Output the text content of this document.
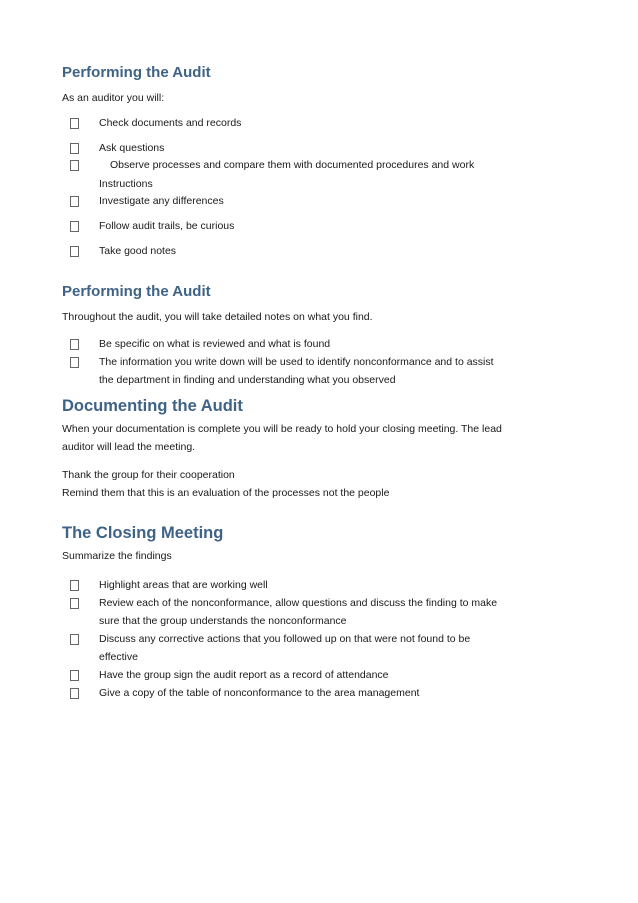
Performing the Audit
As an auditor you will:
Check documents and records
Ask questions
Observe processes and compare them with documented procedures and work
Instructions
Investigate any differences
Follow audit trails, be curious
Take good notes
Performing the Audit
Throughout the audit, you will take detailed notes on what you find.
Be specific on what is reviewed and what is found
The information you write down will be used to identify nonconformance and to assist
the department in finding and understanding what you observed
Documenting the Audit
When your documentation is complete you will be ready to hold your closing meeting. The lead
auditor will lead the meeting.
Thank the group for their cooperation
Remind them that this is an evaluation of the processes not the people
The Closing Meeting
Summarize the findings
Highlight areas that are working well
Review each of the nonconformance, allow questions and discuss the finding to make
sure that the group understands the nonconformance
Discuss any corrective actions that you followed up on that were not found to be
effective
Have the group sign the audit report as a record of attendance
Give a copy of the table of nonconformance to the area management
